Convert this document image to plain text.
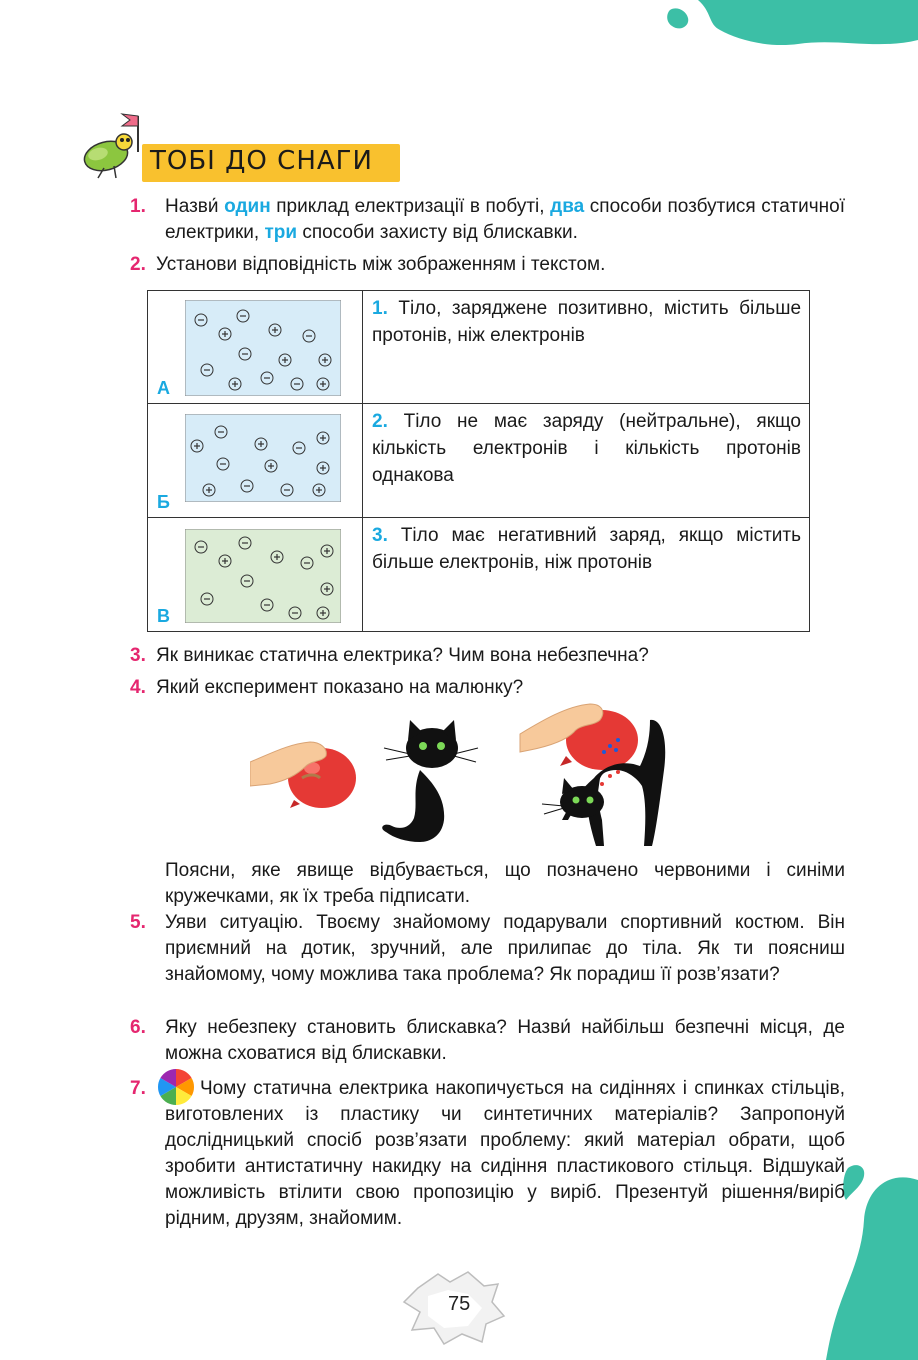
ТОБІ ДО СНАГИ
1. Назви́ один приклад електризації в побуті, два способи позбутися статичної електрики, три способи захисту від блискавки.
2. Установи відповідність між зображенням і текстом.
А	1. Тіло, заряджене позитивно, містить більше протонів, ніж електронів

Б	2. Тіло не має заряду (нейтральне), якщо кількість електронів і кількість протонів однакова

В	3. Тіло має негативний заряд, якщо містить більше електронів, ніж протонів
3. Як виникає статична електрика? Чим вона небезпечна?
4. Який експеримент показано на малюнку?
Поясни, яке явище відбувається, що позначено червоними і синіми кружечками, як їх треба підписати.
5. Уяви ситуацію. Твоєму знайомому подарували спортивний костюм. Він приємний на дотик, зручний, але прилипає до тіла. Як ти поясниш знайомому, чому можлива така проблема? Як порадиш її розв’язати?
6. Яку небезпеку становить блискавка? Назви́ найбільш безпечні місця, де можна сховатися від блискавки.
7.	Чому статична електрика накопичується на сидіннях і спинках стільців, виготовлених із пластику чи синтетичних матеріалів? Запропонуй дослідницький спосіб розв’язати проблему: який матеріал обрати, щоб зробити антистатичну накидку на сидіння пластикового стільця. Відшукай можливість втілити свою пропозицію у виріб. Презентуй рішення/виріб рідним, друзям, знайомим.
75
